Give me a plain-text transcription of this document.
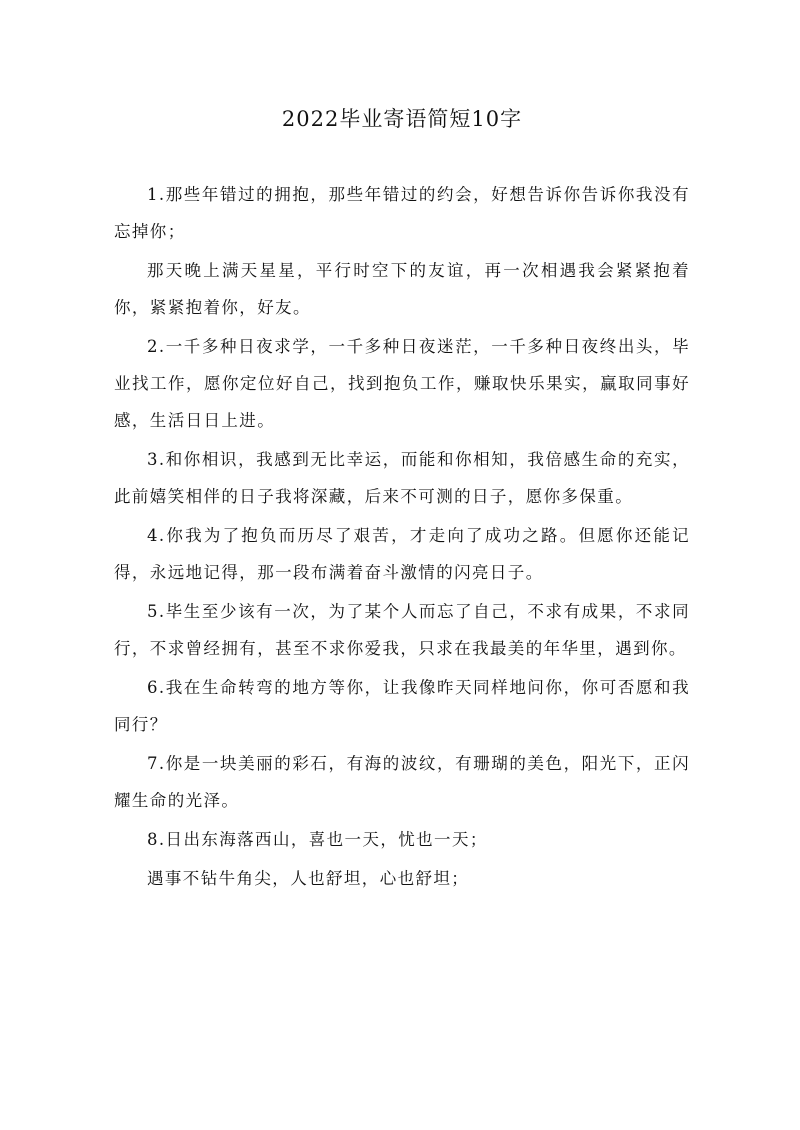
2022毕业寄语简短10字

1.那些年错过的拥抱，那些年错过的约会，好想告诉你告诉你我没有忘掉你；

那天晚上满天星星，平行时空下的友谊，再一次相遇我会紧紧抱着你，紧紧抱着你，好友。

2.一千多种日夜求学，一千多种日夜迷茫，一千多种日夜终出头，毕业找工作，愿你定位好自己，找到抱负工作，赚取快乐果实，赢取同事好感，生活日日上进。

3.和你相识，我感到无比幸运，而能和你相知，我倍感生命的充实，此前嬉笑相伴的日子我将深藏，后来不可测的日子，愿你多保重。

4.你我为了抱负而历尽了艰苦，才走向了成功之路。但愿你还能记得，永远地记得，那一段布满着奋斗激情的闪亮日子。

5.毕生至少该有一次，为了某个人而忘了自己，不求有成果，不求同行，不求曾经拥有，甚至不求你爱我，只求在我最美的年华里，遇到你。

6.我在生命转弯的地方等你，让我像昨天同样地问你，你可否愿和我同行？

7.你是一块美丽的彩石，有海的波纹，有珊瑚的美色，阳光下，正闪耀生命的光泽。

8.日出东海落西山，喜也一天，忧也一天；

遇事不钻牛角尖，人也舒坦，心也舒坦；
